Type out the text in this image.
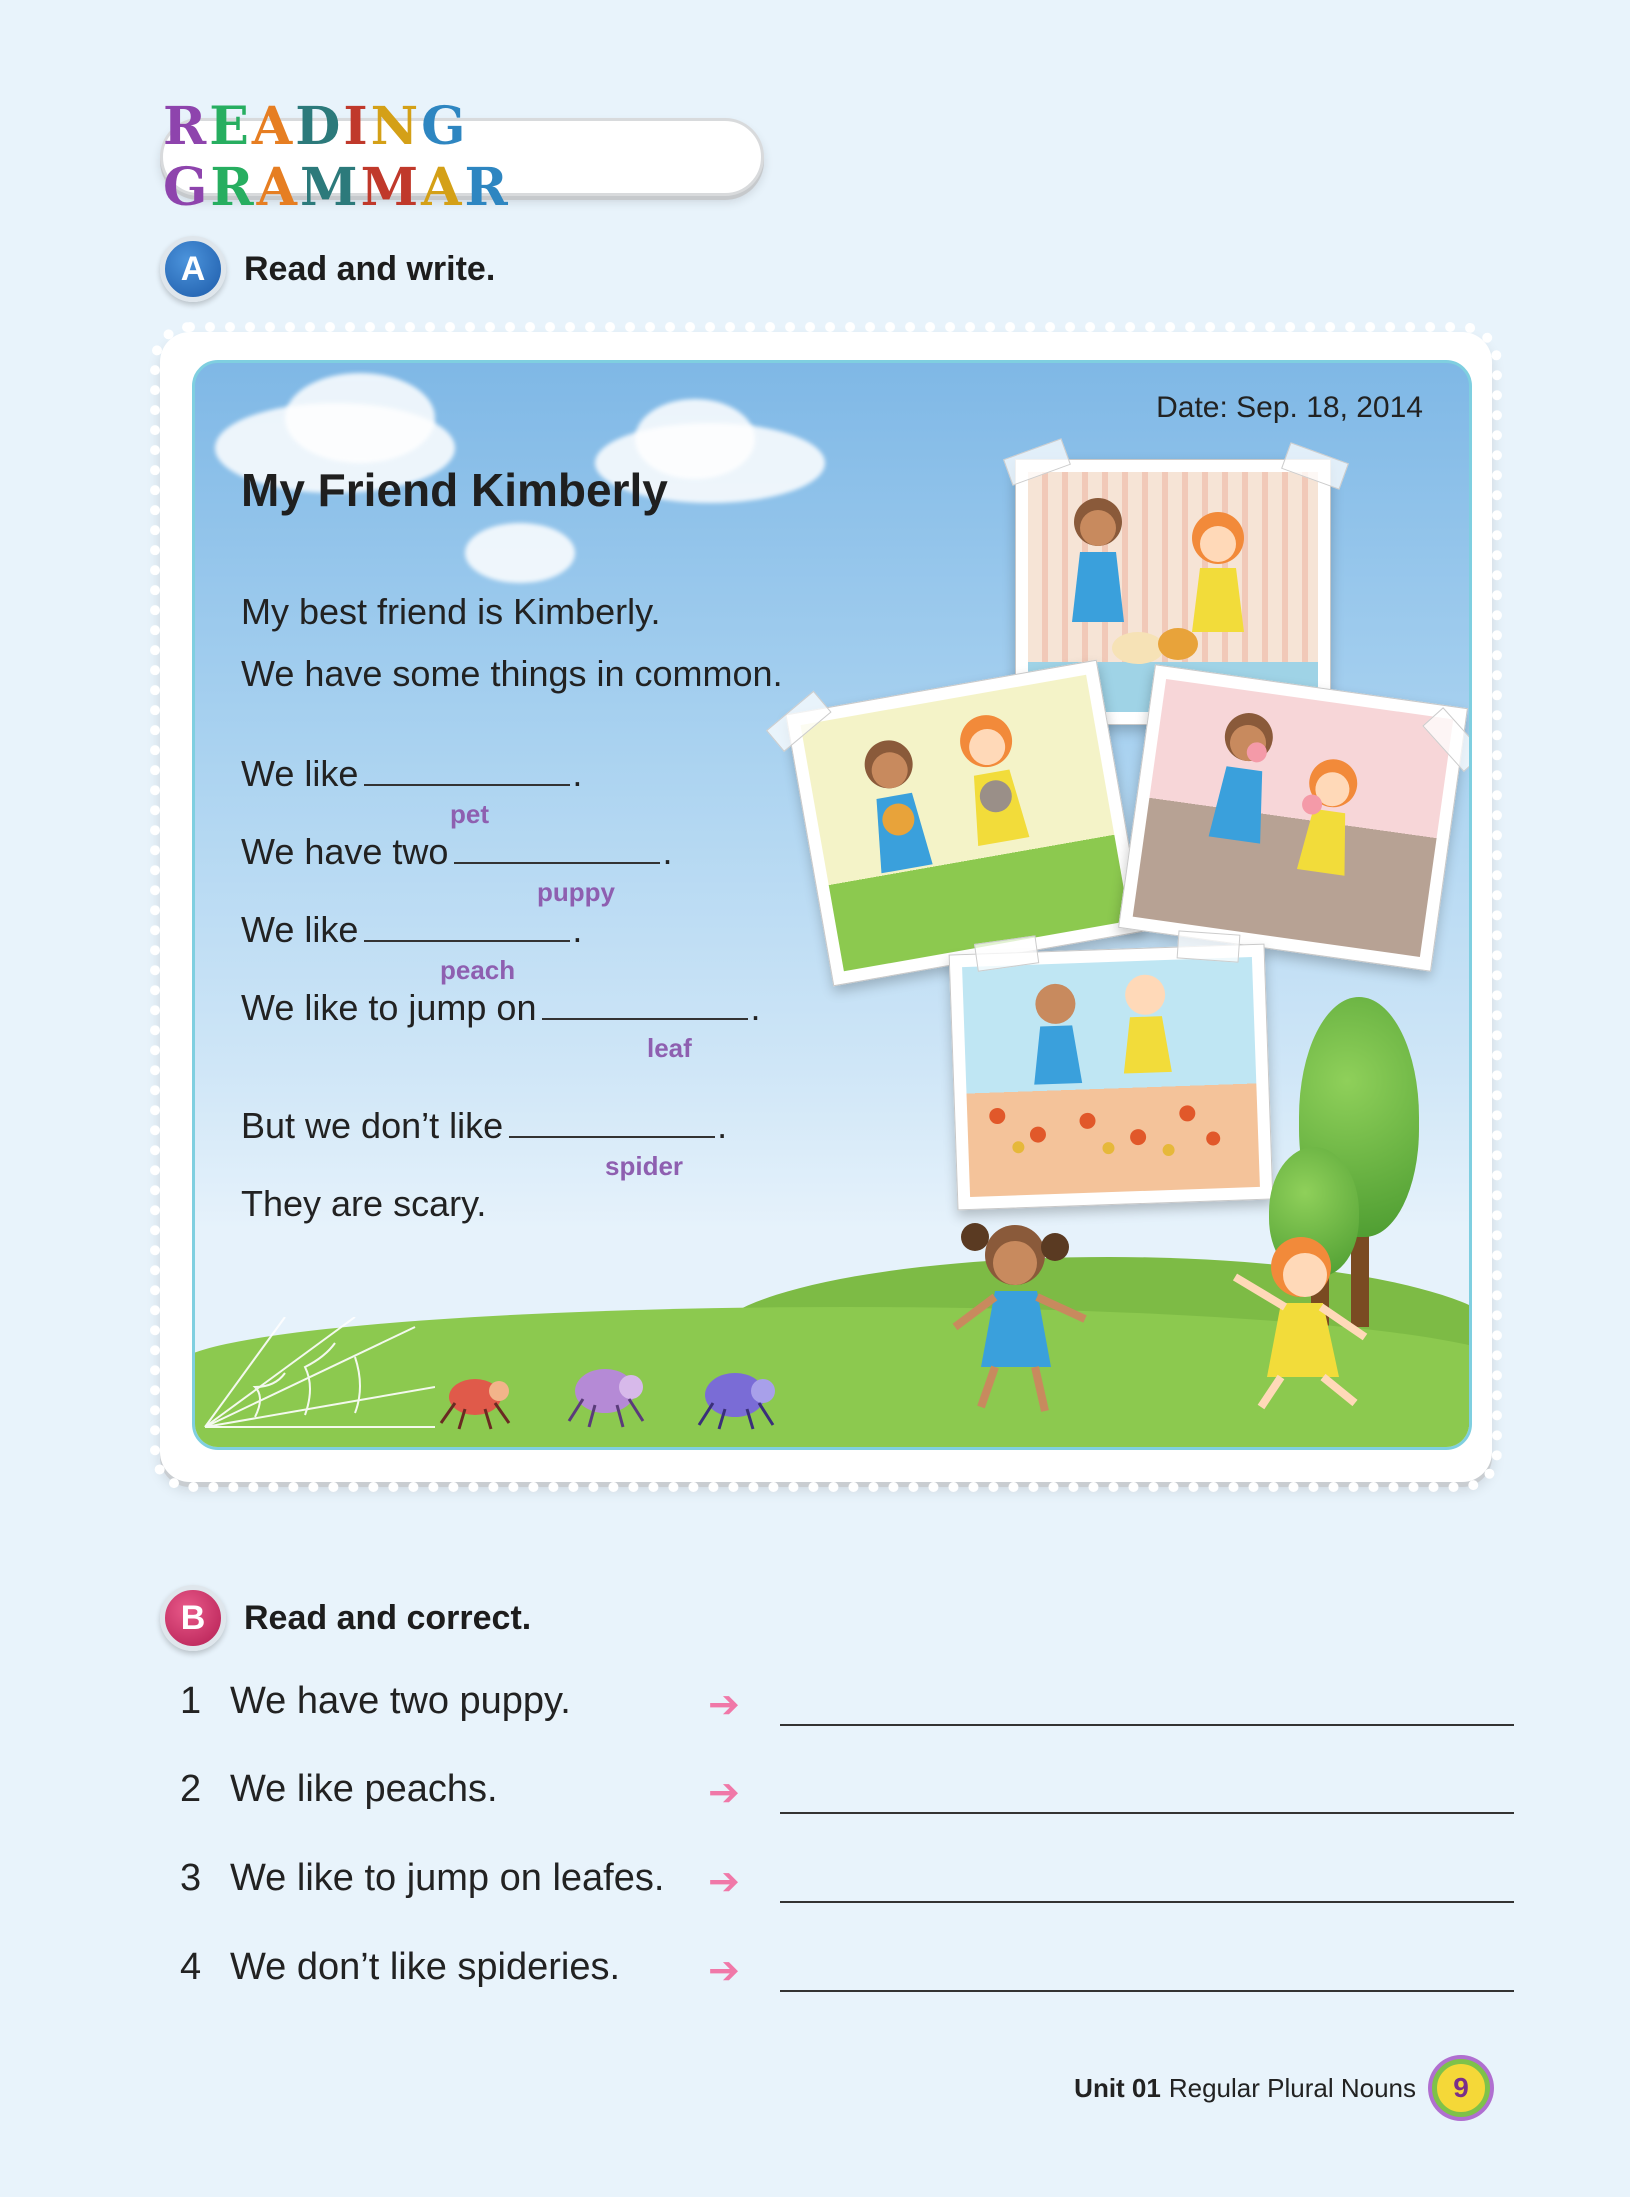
READINGGRAMMAR
A	Read and write.
Date: Sep. 18, 2014
My Friend Kimberly
My best friend is Kimberly.
We have some things in common.
We like	.
pet
We have two	.
puppy
We like	.
peach
We like to jump on	.
leaf
But we don’t like	.
spider
They are scary.
B	Read and correct.
1 We have two puppy.	➔
2 We like peachs.	➔
3 We like to jump on leafes. ➔
4 We don’t like spideries. ➔
Unit 01 Regular Plural Nouns	9
